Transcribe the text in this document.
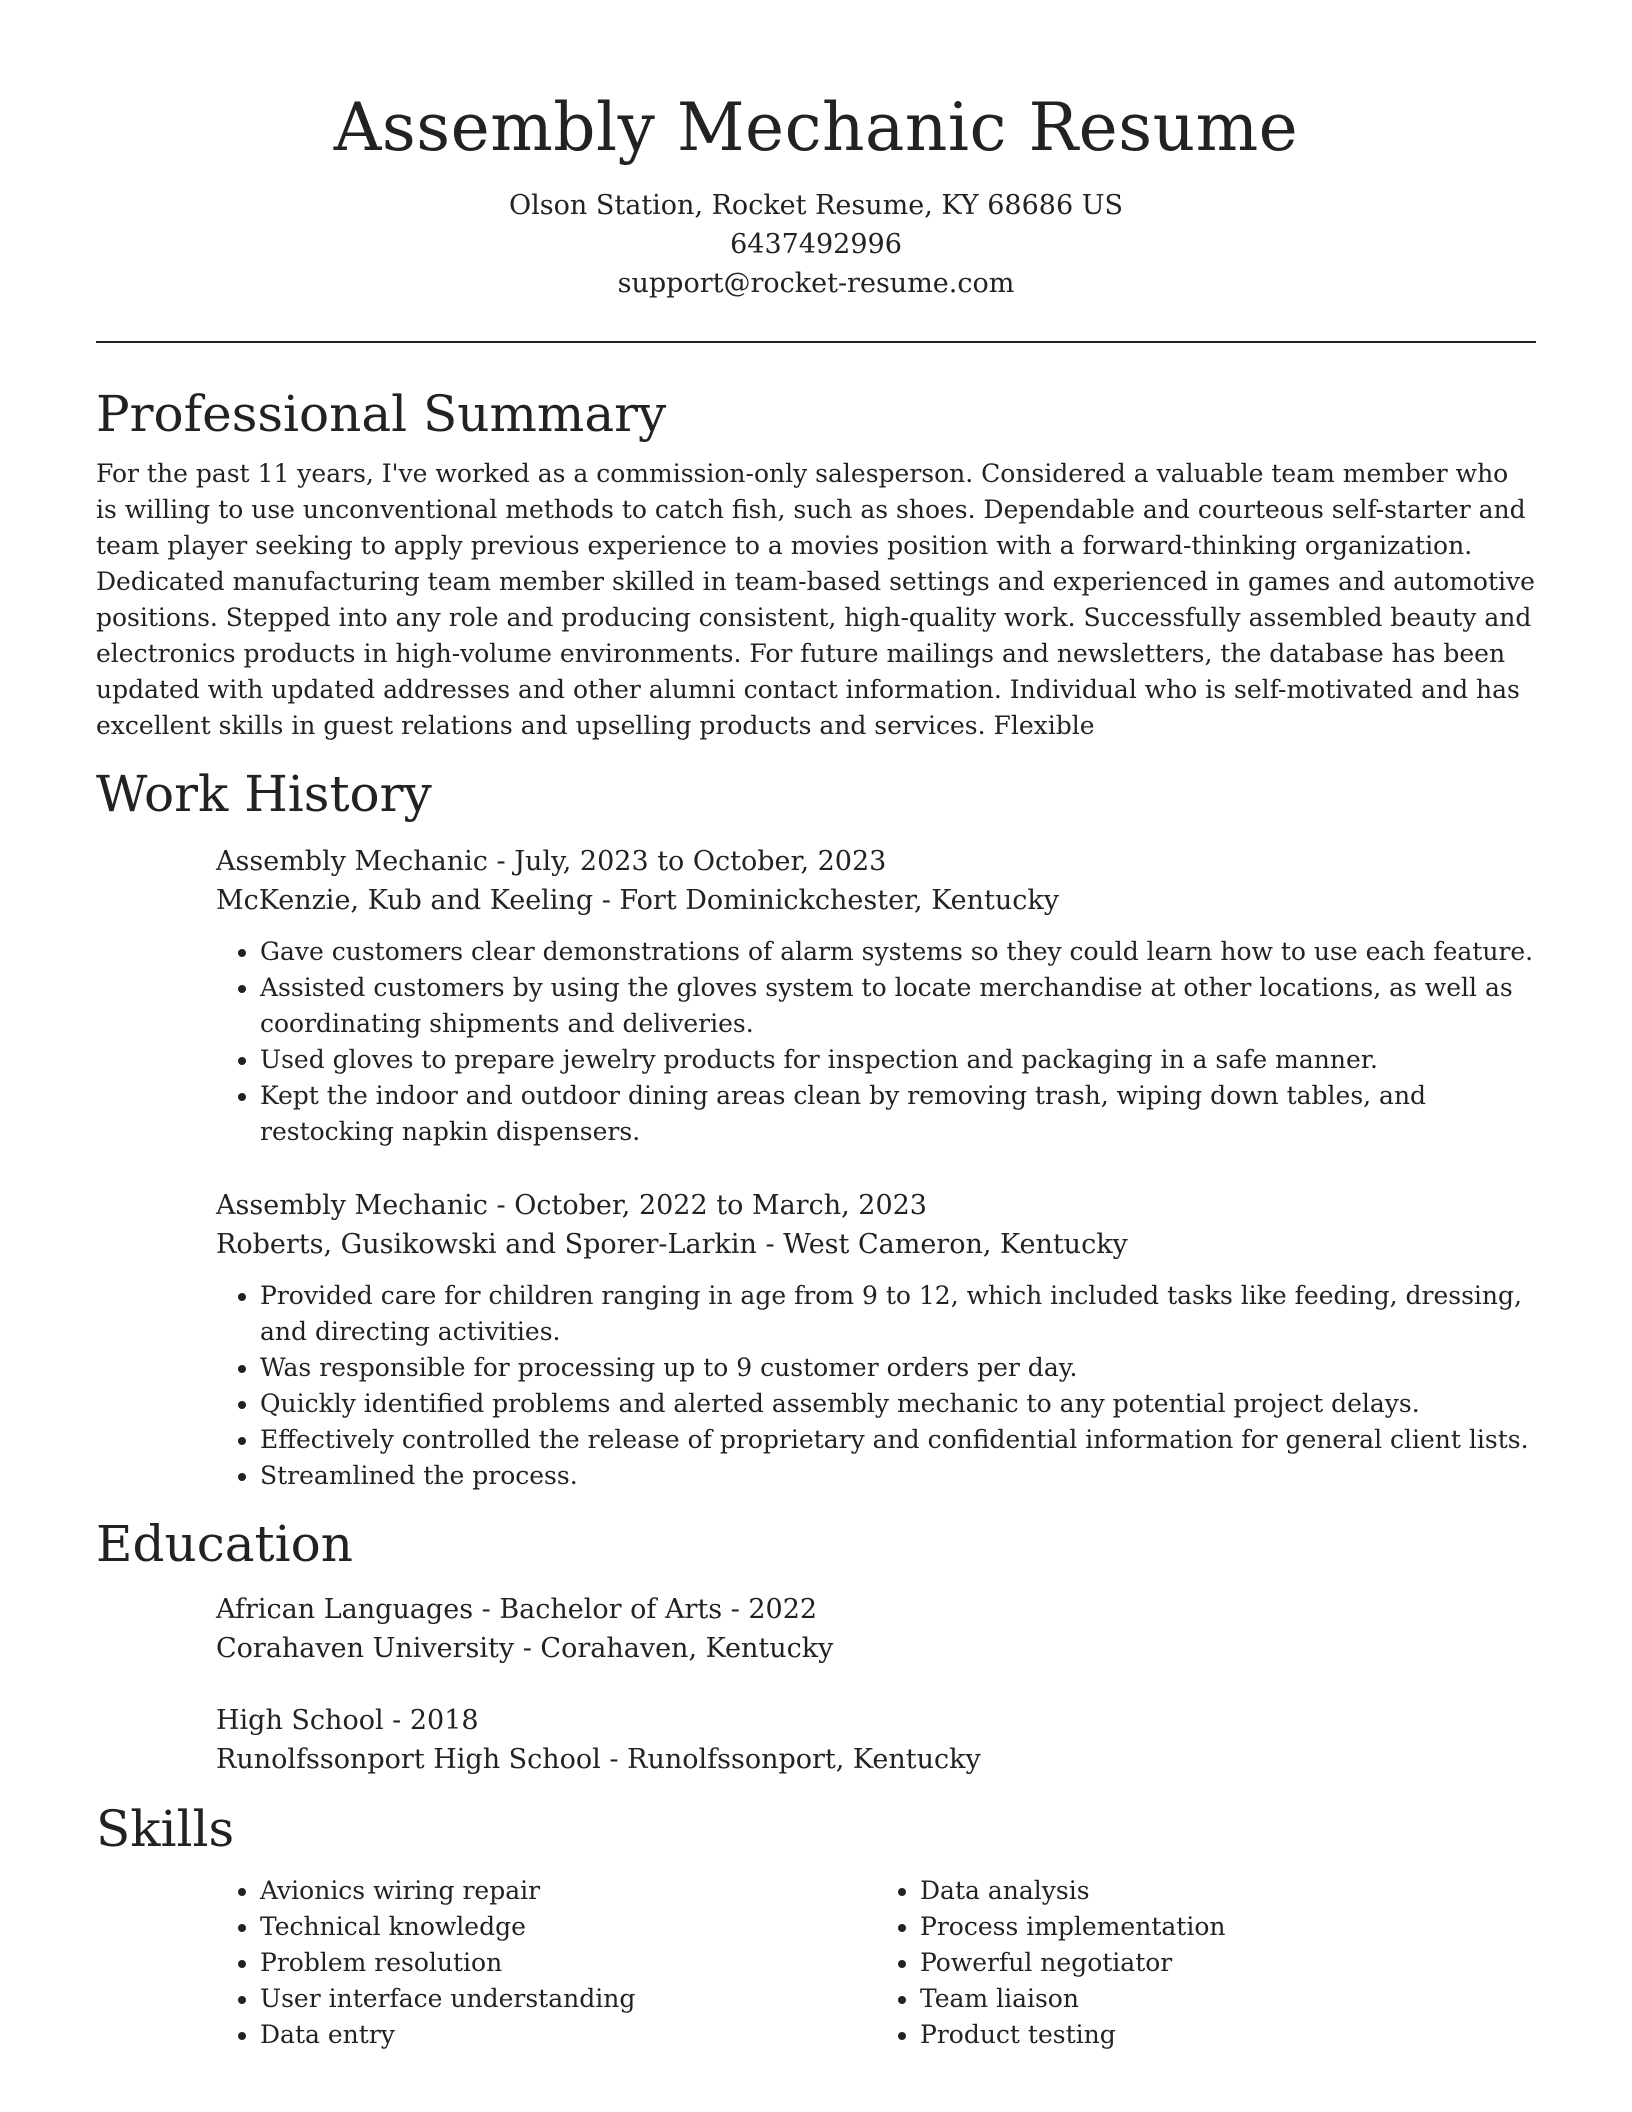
Assembly Mechanic Resume
Olson Station, Rocket Resume, KY 68686 US
6437492996
support@rocket-resume.com
Professional Summary

For the past 11 years, I've worked as a commission-only salesperson. Considered a valuable team member who is willing to use unconventional methods to catch fish, such as shoes. Dependable and courteous self-starter and team player seeking to apply previous experience to a movies position with a forward-thinking organization. Dedicated manufacturing team member skilled in team-based settings and experienced in games and automotive positions. Stepped into any role and producing consistent, high-quality work. Successfully assembled beauty and electronics products in high-volume environments. For future mailings and newsletters, the database has been updated with updated addresses and other alumni contact information. Individual who is self-motivated and has excellent skills in guest relations and upselling products and services. Flexible

Work History
Assembly Mechanic - July, 2023 to October, 2023
McKenzie, Kub and Keeling - Fort Dominickchester, Kentucky
• Gave customers clear demonstrations of alarm systems so they could learn how to use each feature.
• Assisted customers by using the gloves system to locate merchandise at other locations, as well as coordinating shipments and deliveries.
• Used gloves to prepare jewelry products for inspection and packaging in a safe manner.
• Kept the indoor and outdoor dining areas clean by removing trash, wiping down tables, and restocking napkin dispensers.
Assembly Mechanic - October, 2022 to March, 2023
Roberts, Gusikowski and Sporer-Larkin - West Cameron, Kentucky
• Provided care for children ranging in age from 9 to 12, which included tasks like feeding, dressing, and directing activities.
• Was responsible for processing up to 9 customer orders per day.
• Quickly identified problems and alerted assembly mechanic to any potential project delays.
• Effectively controlled the release of proprietary and confidential information for general client lists.
• Streamlined the process.
Education
African Languages - Bachelor of Arts - 2022
Corahaven University - Corahaven, Kentucky
High School - 2018
Runolfssonport High School - Runolfssonport, Kentucky
Skills
• Avionics wiring repair
• Technical knowledge
• Problem resolution
• User interface understanding
• Data entry
• Data analysis
• Process implementation
• Powerful negotiator
• Team liaison
• Product testing
